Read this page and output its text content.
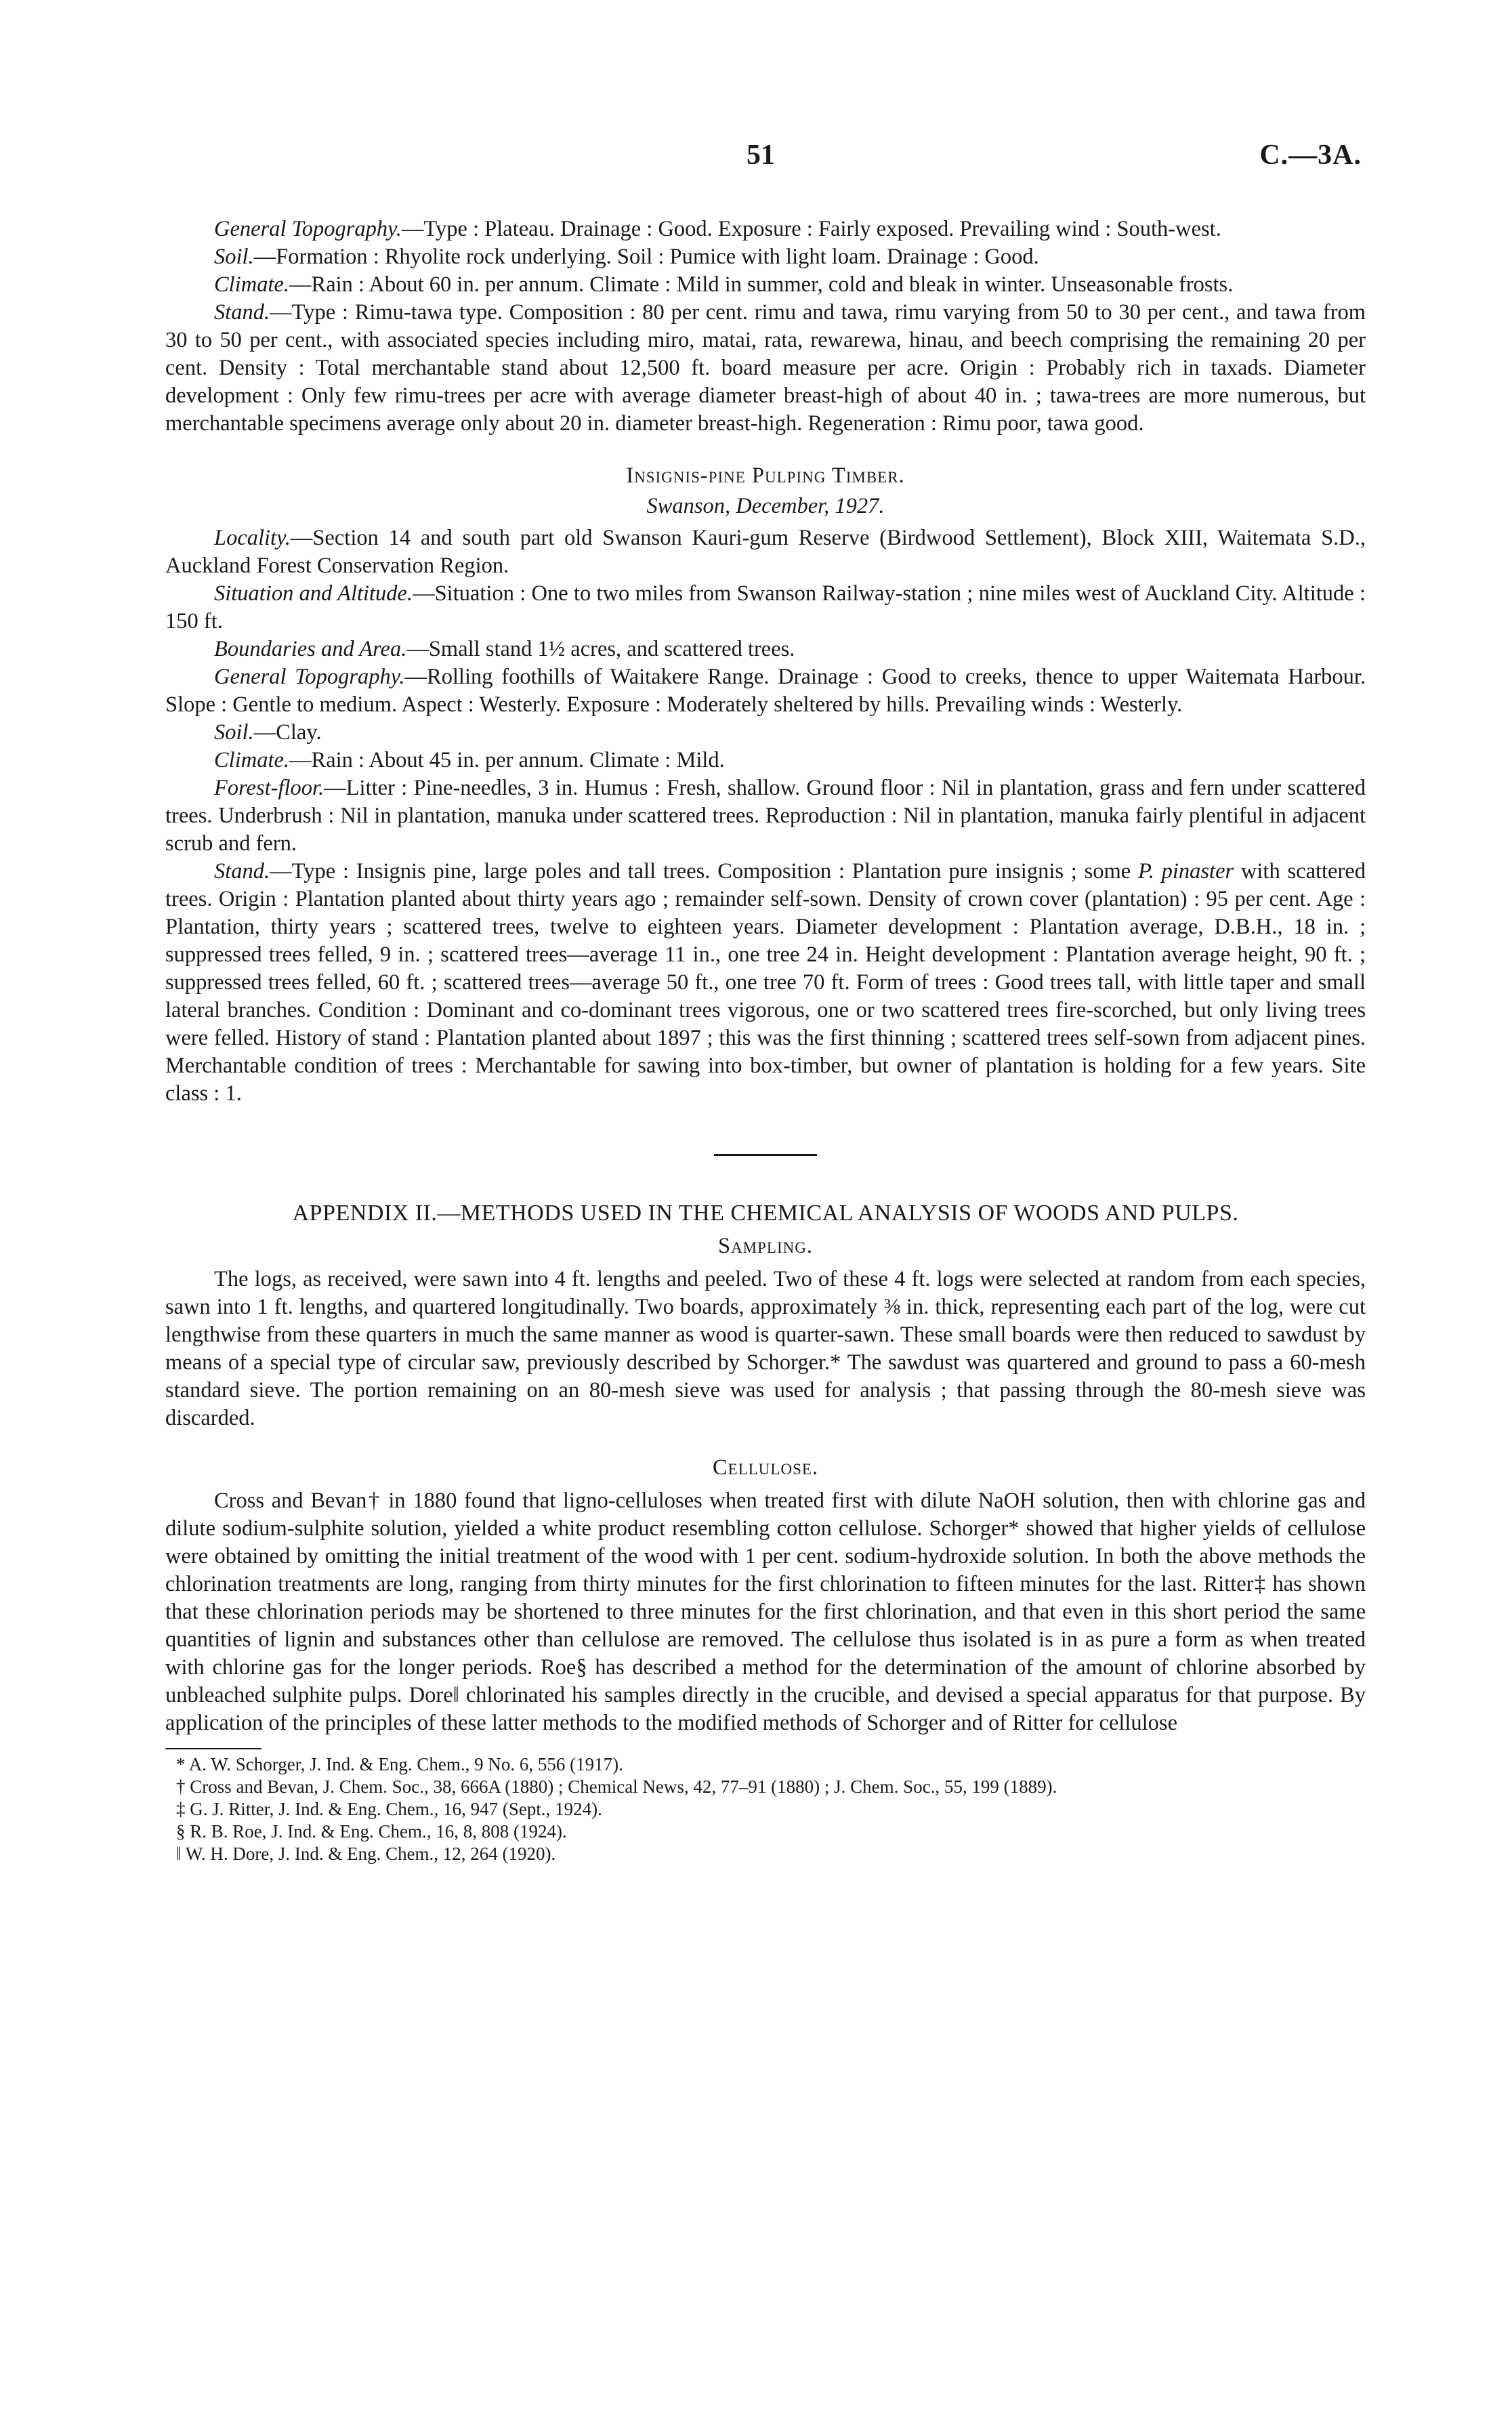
51	C.—3A.

General Topography.—Type : Plateau. Drainage : Good. Exposure : Fairly exposed. Prevailing wind : South-west.

Soil.—Formation : Rhyolite rock underlying. Soil : Pumice with light loam. Drainage : Good.

Climate.—Rain : About 60 in. per annum. Climate : Mild in summer, cold and bleak in winter. Unseasonable frosts.

Stand.—Type : Rimu-tawa type. Composition : 80 per cent. rimu and tawa, rimu varying from 50 to 30 per cent., and tawa from 30 to 50 per cent., with associated species including miro, matai, rata, rewarewa, hinau, and beech comprising the remaining 20 per cent. Density : Total merchantable stand about 12,500 ft. board measure per acre. Origin : Probably rich in taxads. Diameter development : Only few rimu-trees per acre with average diameter breast-high of about 40 in. ; tawa-trees are more numerous, but merchantable specimens average only about 20 in. diameter breast-high. Regeneration : Rimu poor, tawa good.

Insignis-pine Pulping Timber.

Swanson, December, 1927.

Locality.—Section 14 and south part old Swanson Kauri-gum Reserve (Birdwood Settlement), Block XIII, Waitemata S.D., Auckland Forest Conservation Region.

Situation and Altitude.—Situation : One to two miles from Swanson Railway-station ; nine miles west of Auckland City. Altitude : 150 ft.

Boundaries and Area.—Small stand 1½ acres, and scattered trees.

General Topography.—Rolling foothills of Waitakere Range. Drainage : Good to creeks, thence to upper Waitemata Harbour. Slope : Gentle to medium. Aspect : Westerly. Exposure : Moderately sheltered by hills. Prevailing winds : Westerly.

Soil.—Clay.

Climate.—Rain : About 45 in. per annum. Climate : Mild.

Forest-floor.—Litter : Pine-needles, 3 in. Humus : Fresh, shallow. Ground floor : Nil in plantation, grass and fern under scattered trees. Underbrush : Nil in plantation, manuka under scattered trees. Reproduction : Nil in plantation, manuka fairly plentiful in adjacent scrub and fern.

Stand.—Type : Insignis pine, large poles and tall trees. Composition : Plantation pure insignis ; some P. pinaster with scattered trees. Origin : Plantation planted about thirty years ago ; remainder self-sown. Density of crown cover (plantation) : 95 per cent. Age : Plantation, thirty years ; scattered trees, twelve to eighteen years. Diameter development : Plantation average, D.B.H., 18 in. ; suppressed trees felled, 9 in. ; scattered trees—average 11 in., one tree 24 in. Height development : Plantation average height, 90 ft. ; suppressed trees felled, 60 ft. ; scattered trees—average 50 ft., one tree 70 ft. Form of trees : Good trees tall, with little taper and small lateral branches. Condition : Dominant and co-dominant trees vigorous, one or two scattered trees fire-scorched, but only living trees were felled. History of stand : Plantation planted about 1897 ; this was the first thinning ; scattered trees self-sown from adjacent pines. Merchantable condition of trees : Merchantable for sawing into box-timber, but owner of plantation is holding for a few years. Site class : 1.

APPENDIX II.—METHODS USED IN THE CHEMICAL ANALYSIS OF WOODS AND PULPS.

Sampling.

The logs, as received, were sawn into 4 ft. lengths and peeled. Two of these 4 ft. logs were selected at random from each species, sawn into 1 ft. lengths, and quartered longitudinally. Two boards, approximately ⅜ in. thick, representing each part of the log, were cut lengthwise from these quarters in much the same manner as wood is quarter-sawn. These small boards were then reduced to sawdust by means of a special type of circular saw, previously described by Schorger.* The sawdust was quartered and ground to pass a 60-mesh standard sieve. The portion remaining on an 80-mesh sieve was used for analysis ; that passing through the 80-mesh sieve was discarded.

Cellulose.

Cross and Bevan† in 1880 found that ligno-celluloses when treated first with dilute NaOH solution, then with chlorine gas and dilute sodium-sulphite solution, yielded a white product resembling cotton cellulose. Schorger* showed that higher yields of cellulose were obtained by omitting the initial treatment of the wood with 1 per cent. sodium-hydroxide solution. In both the above methods the chlorination treatments are long, ranging from thirty minutes for the first chlorination to fifteen minutes for the last. Ritter‡ has shown that these chlorination periods may be shortened to three minutes for the first chlorination, and that even in this short period the same quantities of lignin and substances other than cellulose are removed. The cellulose thus isolated is in as pure a form as when treated with chlorine gas for the longer periods. Roe§ has described a method for the determination of the amount of chlorine absorbed by unbleached sulphite pulps. Dore‖ chlorinated his samples directly in the crucible, and devised a special apparatus for that purpose. By application of the principles of these latter methods to the modified methods of Schorger and of Ritter for cellulose

* A. W. Schorger, J. Ind. & Eng. Chem., 9 No. 6, 556 (1917).

† Cross and Bevan, J. Chem. Soc., 38, 666A (1880) ; Chemical News, 42, 77–91 (1880) ; J. Chem. Soc., 55, 199 (1889).

‡ G. J. Ritter, J. Ind. & Eng. Chem., 16, 947 (Sept., 1924).

§ R. B. Roe, J. Ind. & Eng. Chem., 16, 8, 808 (1924).

‖ W. H. Dore, J. Ind. & Eng. Chem., 12, 264 (1920).
